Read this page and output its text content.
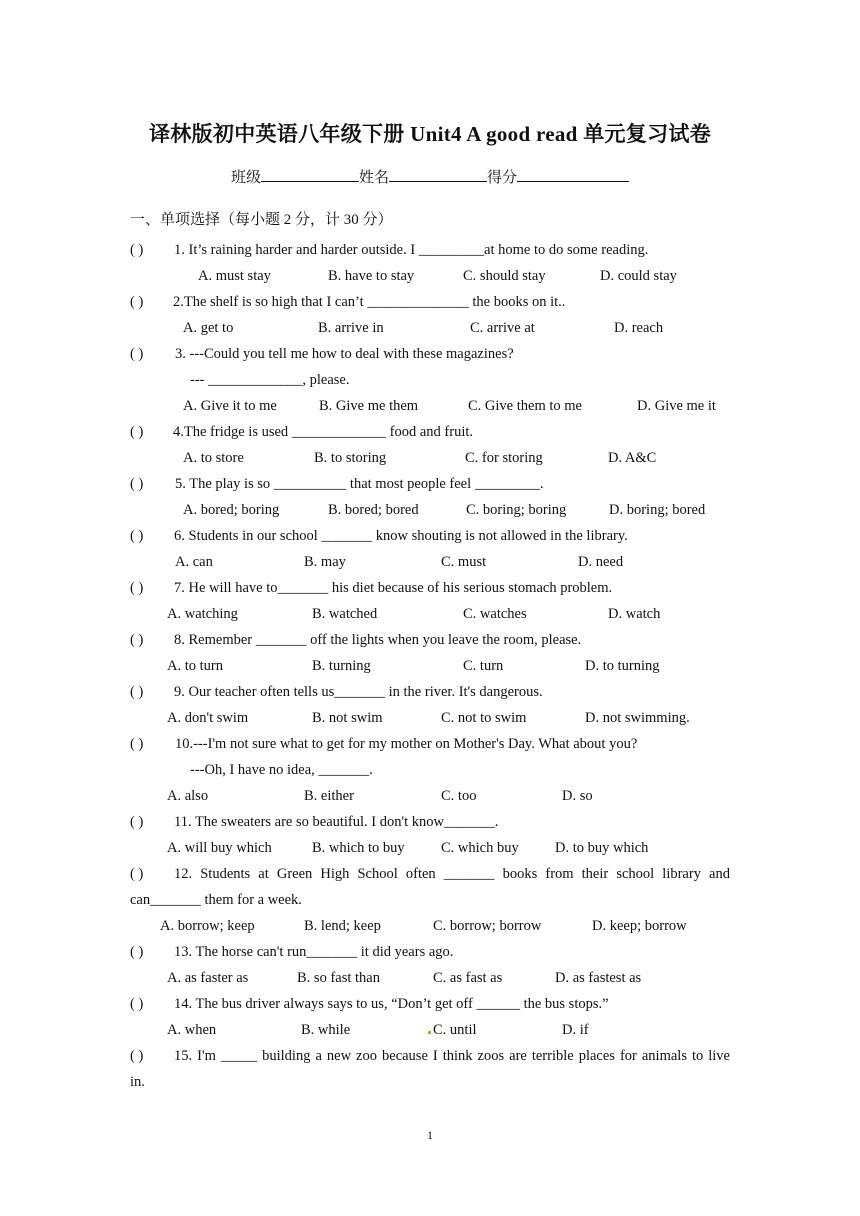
译林版初中英语八年级下册 Unit4 A good read 单元复习试卷
班级	姓名	得分
一、单项选择（每小题 2 分，计 30 分）
( ) 1. It’s raining harder and harder outside. I _________at home to do some reading.
A. must stay	B. have to stay	C. should stay	D. could stay
( ) 2.The shelf is so high that I can’t ______________ the books on it..
A. get to	B. arrive in	C. arrive at	D. reach
( ) 3. ---Could you tell me how to deal with these magazines?
--- _____________, please.
A. Give it to me	B. Give me them	C. Give them to me	D. Give me it
( ) 4.The fridge is used _____________ food and fruit.
A. to store	B. to storing	C. for storing	D. A&C
( ) 5. The play is so __________ that most people feel _________.
A. bored; boring	B. bored; bored	C. boring; boring	D. boring; bored
( ) 6. Students in our school _______ know shouting is not allowed in the library.
A. can	B. may	C. must	D. need
( ) 7. He will have to_______ his diet because of his serious stomach problem.
A. watching	B. watched	C. watches	D. watch
( ) 8. Remember _______ off the lights when you leave the room, please.
A. to turn	B. turning	C. turn	D. to turning
( ) 9. Our teacher often tells us_______ in the river. It's dangerous.
A. don't swim	B. not swim	C. not to swim	D. not swimming.
( ) 10.---I'm not sure what to get for my mother on Mother's Day. What about you?
---Oh, I have no idea, _______.
A. also	B. either	C. too	D. so
( ) 11. The sweaters are so beautiful. I don't know_______.
A. will buy which	B. which to buy	C. which buy	D. to buy which
( ) 12. Students at Green High School often _______ books from their school library and
can_______ them for a week.
A. borrow; keep	B. lend; keep	C. borrow; borrow	D. keep; borrow
( ) 13. The horse can't run_______ it did years ago.
A. as faster as	B. so fast than	C. as fast as	D. as fastest as
( ) 14. The bus driver always says to us, “Don’t get off ______ the bus stops.”
A. when	B. while	C. until	D. if
( ) 15. I'm _____ building a new zoo because I think zoos are terrible places for animals to live
in.
1
